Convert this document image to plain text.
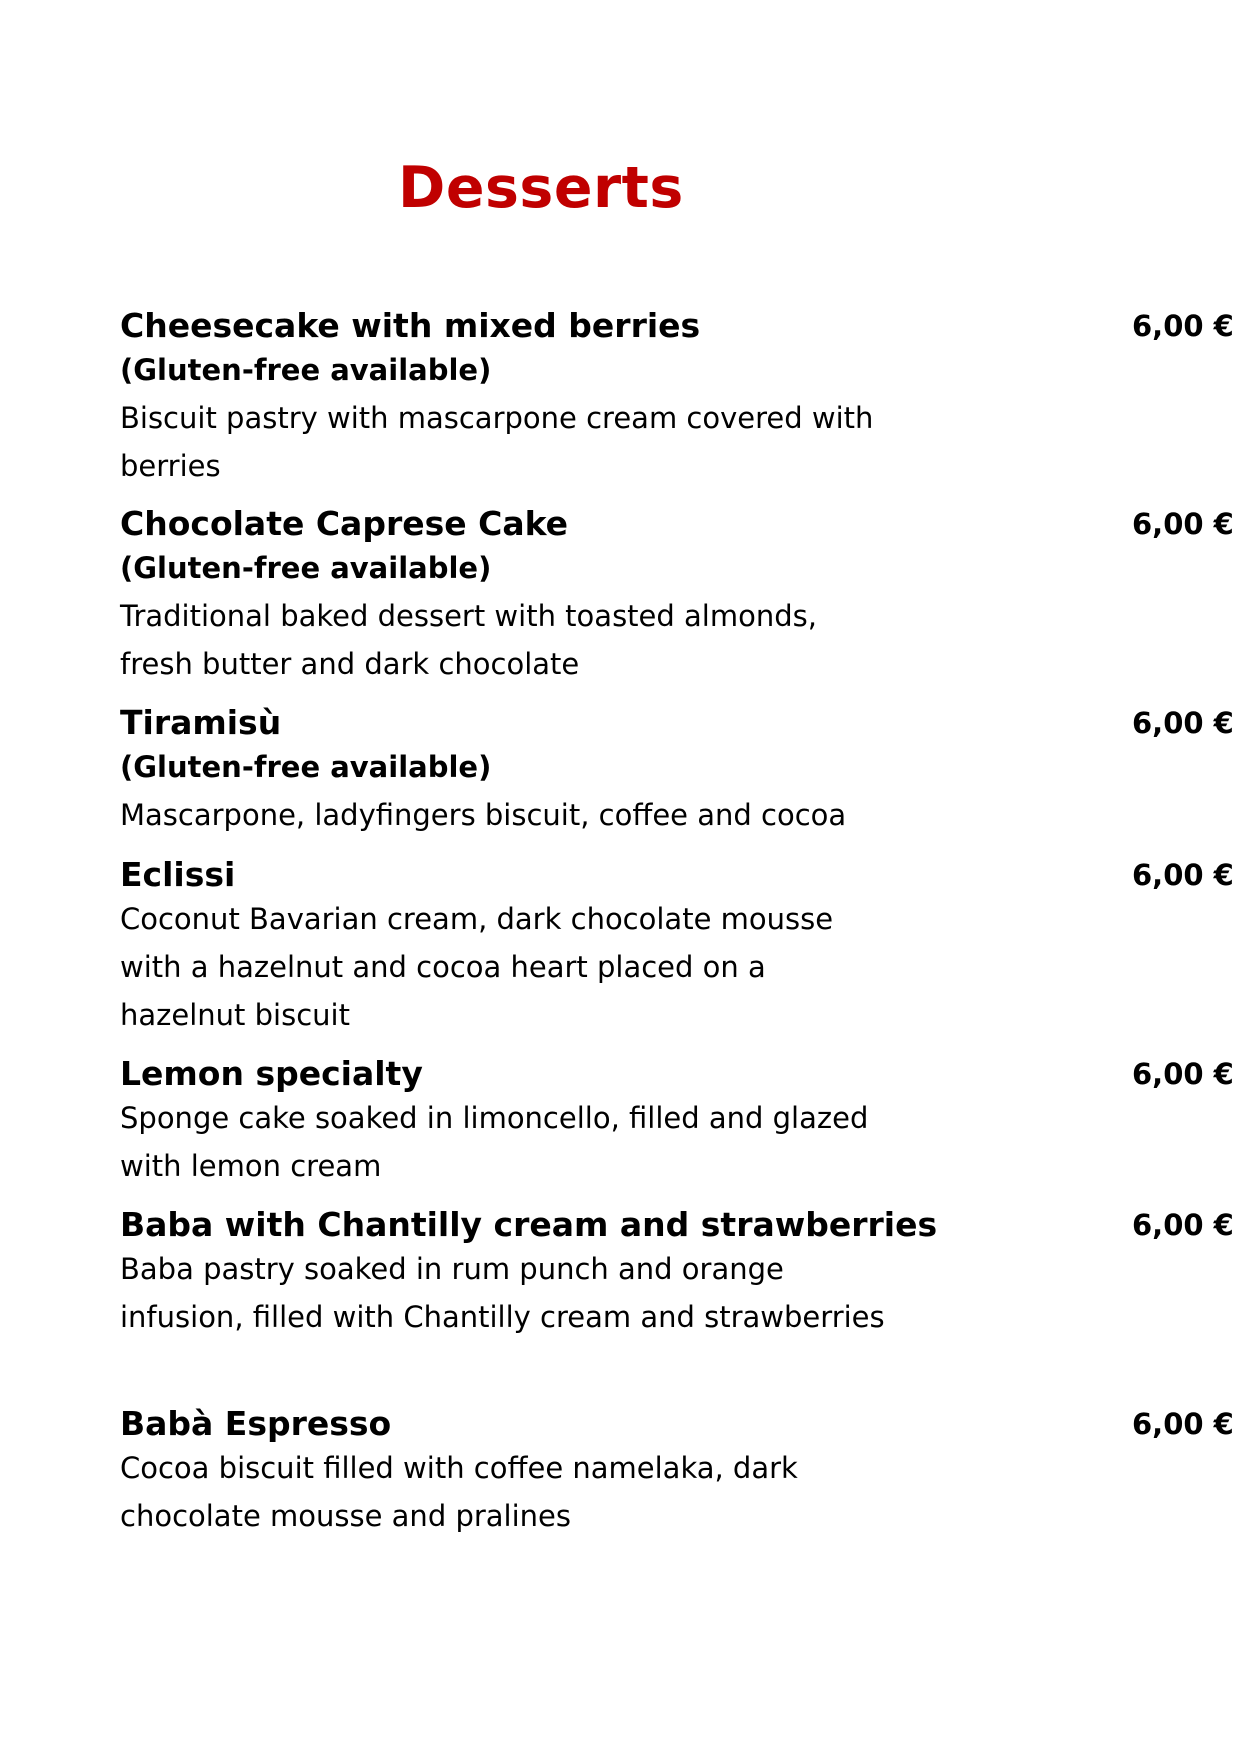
Desserts
Cheesecake with mixed berries
(Gluten-free available)
Biscuit pastry with mascarpone cream covered with
berries
6,00 €
Chocolate Caprese Cake
(Gluten-free available)
Traditional baked dessert with toasted almonds,
fresh butter and dark chocolate
6,00 €
Tiramisù
(Gluten-free available)
Mascarpone, ladyfingers biscuit, coffee and cocoa
6,00 €
Eclissi
Coconut Bavarian cream, dark chocolate mousse
with a hazelnut and cocoa heart placed on a
hazelnut biscuit
6,00 €
Lemon specialty
Sponge cake soaked in limoncello, filled and glazed
with lemon cream
6,00 €
Baba with Chantilly cream and strawberries
Baba pastry soaked in rum punch and orange
infusion, filled with Chantilly cream and strawberries
6,00 €
Babà Espresso
Cocoa biscuit filled with coffee namelaka, dark
chocolate mousse and pralines
6,00 €
